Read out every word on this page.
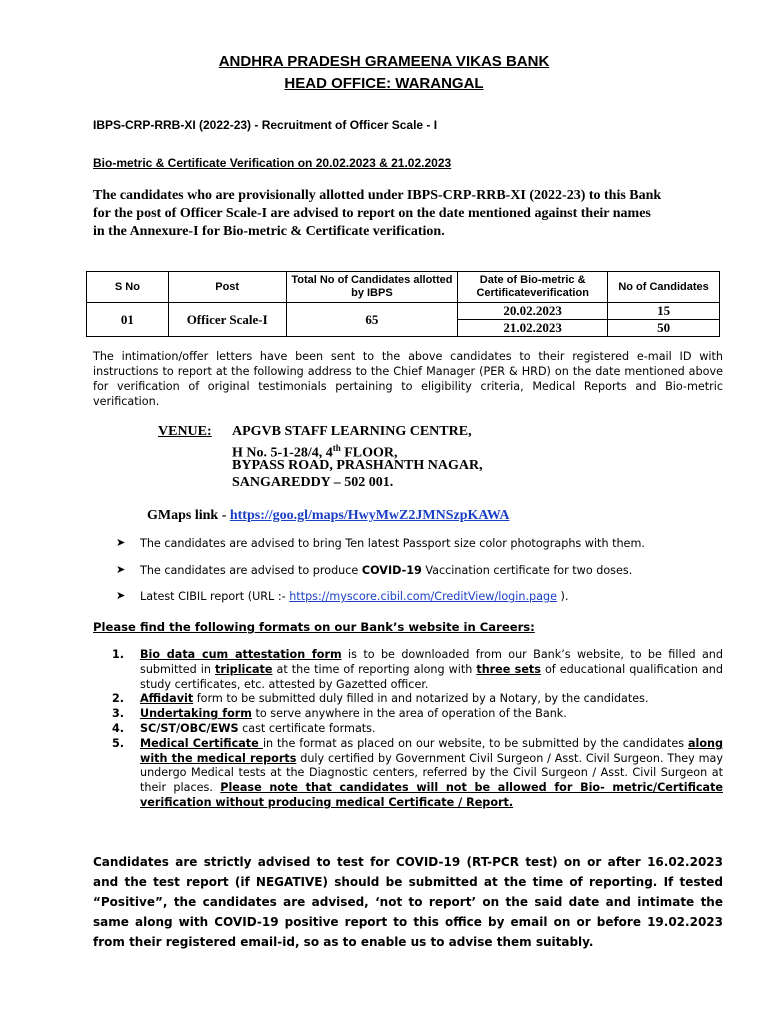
ANDHRA PRADESH GRAMEENA VIKAS BANK
HEAD OFFICE: WARANGAL
IBPS-CRP-RRB-XI (2022-23) - Recruitment of Officer Scale - I
Bio-metric & Certificate Verification on 20.02.2023 & 21.02.2023
The candidates who are provisionally allotted under IBPS-CRP-RRB-XI (2022-23) to this Bank
for the post of Officer Scale-I are advised to report on the date mentioned against their names
in the Annexure-I for Bio-metric & Certificate verification.
S No	Post	Total No of Candidates allotted by IBPS	Date of Bio-metric & Certificateverification	No of Candidates
01	Officer Scale-I	65	20.02.2023	15
			21.02.2023	50
The intimation/offer letters have been sent to the above candidates to their registered e-mail ID with instructions to report at the following address to the Chief Manager (PER & HRD) on the date mentioned above for verification of original testimonials pertaining to eligibility criteria, Medical Reports and Bio-metric verification.
VENUE: APGVB STAFF LEARNING CENTRE,
H No. 5-1-28/4, 4th FLOOR,
BYPASS ROAD, PRASHANTH NAGAR,
SANGAREDDY – 502 001.
GMaps link - https://goo.gl/maps/HwyMwZ2JMNSzpKAWA
➤ The candidates are advised to bring Ten latest Passport size color photographs with them.
➤ The candidates are advised to produce COVID-19 Vaccination certificate for two doses.
➤ Latest CIBIL report (URL :- https://myscore.cibil.com/CreditView/login.page ).
Please find the following formats on our Bank’s website in Careers:
1. Bio data cum attestation form is to be downloaded from our Bank’s website, to be filled and submitted in triplicate at the time of reporting along with three sets of educational qualification and study certificates, etc. attested by Gazetted officer.
2. Affidavit form to be submitted duly filled in and notarized by a Notary, by the candidates.
3. Undertaking form to serve anywhere in the area of operation of the Bank.
4. SC/ST/OBC/EWS cast certificate formats.
5. Medical Certificate in the format as placed on our website, to be submitted by the candidates along with the medical reports duly certified by Government Civil Surgeon / Asst. Civil Surgeon. They may undergo Medical tests at the Diagnostic centers, referred by the Civil Surgeon / Asst. Civil Surgeon at their places. Please note that candidates will not be allowed for Bio- metric/Certificate verification without producing medical Certificate / Report.
Candidates are strictly advised to test for COVID-19 (RT-PCR test) on or after 16.02.2023 and the test report (if NEGATIVE) should be submitted at the time of reporting. If tested “Positive”, the candidates are advised, ‘not to report’ on the said date and intimate the same along with COVID-19 positive report to this office by email on or before 19.02.2023 from their registered email-id, so as to enable us to advise them suitably.
